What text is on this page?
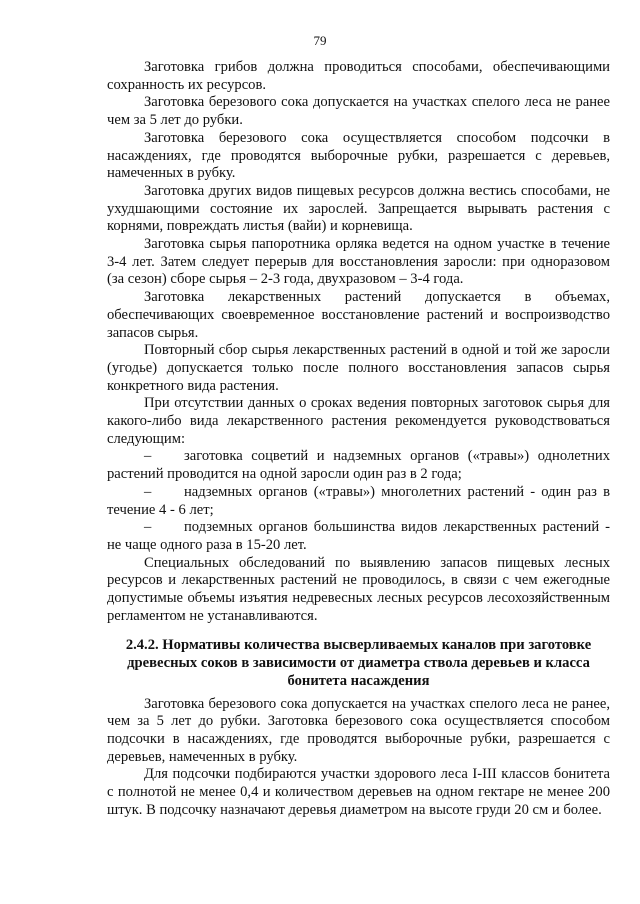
79

Заготовка грибов должна проводиться способами, обеспечивающими сохранность их ресурсов.

Заготовка березового сока допускается на участках спелого леса не ранее чем за 5 лет до рубки.

Заготовка березового сока осуществляется способом подсочки в насаждениях, где проводятся выборочные рубки, разрешается с деревьев, намеченных в рубку.

Заготовка других видов пищевых ресурсов должна вестись способами, не ухудшающими состояние их зарослей. Запрещается вырывать растения с корнями, повреждать листья (вайи) и корневища.

Заготовка сырья папоротника орляка ведется на одном участке в течение 3-4 лет. Затем следует перерыв для восстановления заросли: при одноразовом (за сезон) сборе сырья – 2-3 года, двухразовом – 3-4 года.

Заготовка лекарственных растений допускается в объемах, обеспечивающих своевременное восстановление растений и воспроизводство запасов сырья.

Повторный сбор сырья лекарственных растений в одной и той же заросли (угодье) допускается только после полного восстановления запасов сырья конкретного вида растения.

При отсутствии данных о сроках ведения повторных заготовок сырья для какого-либо вида лекарственного растения рекомендуется руководствоваться следующим:

– заготовка соцветий и надземных органов («травы») однолетних растений проводится на одной заросли один раз в 2 года;

– надземных органов («травы») многолетних растений - один раз в течение 4 - 6 лет;

– подземных органов большинства видов лекарственных растений - не чаще одного раза в 15-20 лет.

Специальных обследований по выявлению запасов пищевых лесных ресурсов и лекарственных растений не проводилось, в связи с чем ежегодные допустимые объемы изъятия недревесных лесных ресурсов лесохозяйственным регламентом не устанавливаются.

2.4.2. Нормативы количества высверливаемых каналов при заготовке древесных соков в зависимости от диаметра ствола деревьев и класса бонитета насаждения

Заготовка березового сока допускается на участках спелого леса не ранее, чем за 5 лет до рубки. Заготовка березового сока осуществляется способом подсочки в насаждениях, где проводятся выборочные рубки, разрешается с деревьев, намеченных в рубку.

Для подсочки подбираются участки здорового леса I-III классов бонитета с полнотой не менее 0,4 и количеством деревьев на одном гектаре не менее 200 штук. В подсочку назначают деревья диаметром на высоте груди 20 см и более.
